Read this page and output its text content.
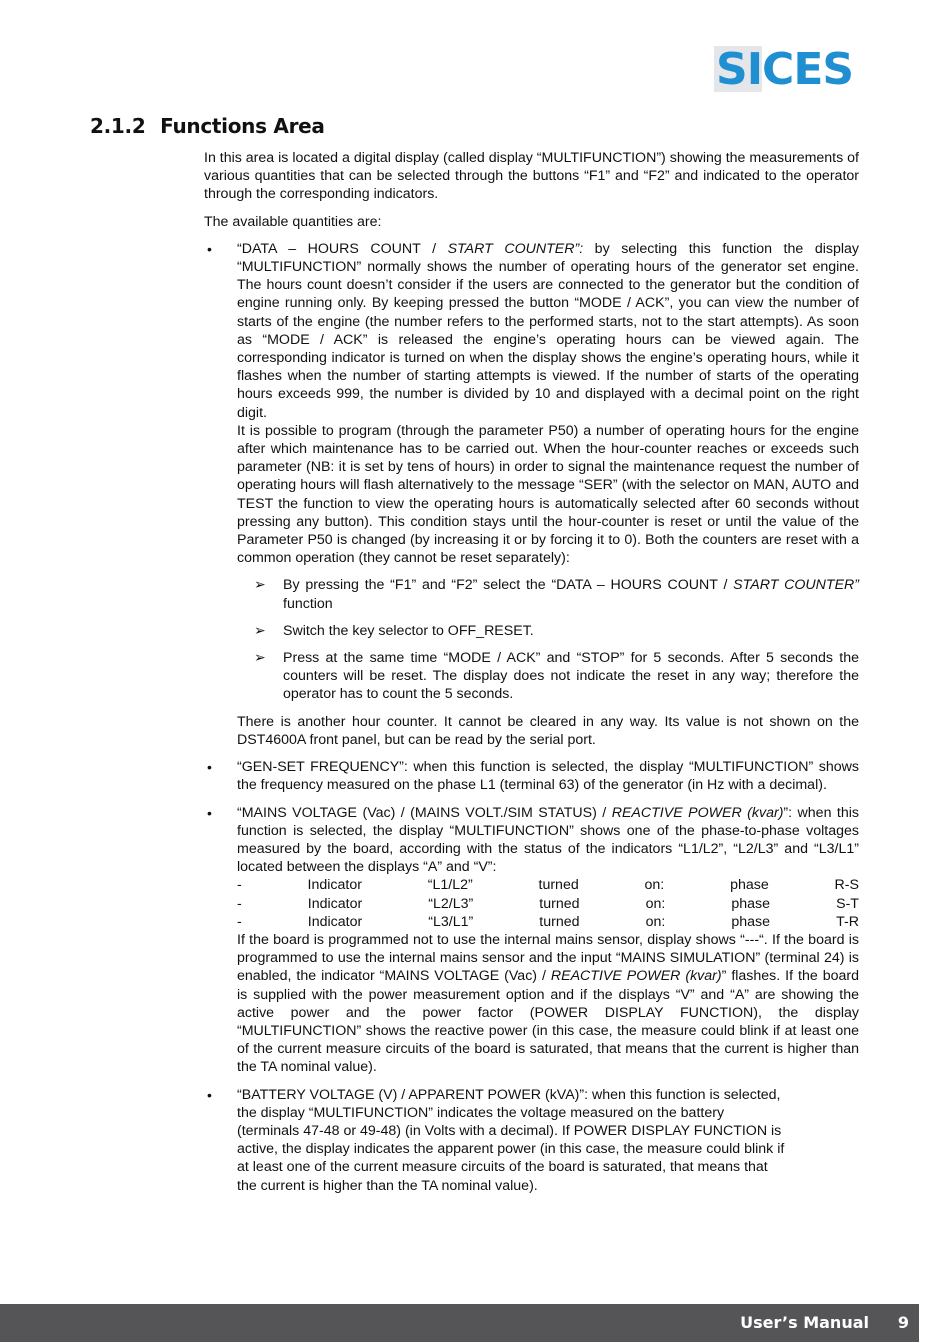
SICES
2.1.2 Functions Area

In this area is located a digital display (called display “MULTIFUNCTION”) showing the measurements of various quantities that can be selected through the buttons “F1” and “F2” and indicated to the operator through the corresponding indicators.

The available quantities are:

• “DATA – HOURS COUNT / START COUNTER”: by selecting this function the display “MULTIFUNCTION” normally shows the number of operating hours of the generator set engine. The hours count doesn’t consider if the users are connected to the generator but the condition of engine running only. By keeping pressed the button “MODE / ACK”, you can view the number of starts of the engine (the number refers to the performed starts, not to the start attempts). As soon as “MODE / ACK” is released the engine’s operating hours can be viewed again. The corresponding indicator is turned on when the display shows the engine’s operating hours, while it flashes when the number of starting attempts is viewed. If the number of starts of the operating hours exceeds 999, the number is divided by 10 and displayed with a decimal point on the right digit.

It is possible to program (through the parameter P50) a number of operating hours for the engine after which maintenance has to be carried out. When the hour-counter reaches or exceeds such parameter (NB: it is set by tens of hours) in order to signal the maintenance request the number of operating hours will flash alternatively to the message “SER” (with the selector on MAN, AUTO and TEST the function to view the operating hours is automatically selected after 60 seconds without pressing any button). This condition stays until the hour-counter is reset or until the value of the Parameter P50 is changed (by increasing it or by forcing it to 0). Both the counters are reset with a common operation (they cannot be reset separately):

➢ By pressing the “F1” and “F2” select the “DATA – HOURS COUNT / START COUNTER” function
➢ Switch the key selector to OFF_RESET.
➢ Press at the same time “MODE / ACK” and “STOP” for 5 seconds. After 5 seconds the counters will be reset. The display does not indicate the reset in any way; therefore the operator has to count the 5 seconds.

There is another hour counter. It cannot be cleared in any way. Its value is not shown on the DST4600A front panel, but can be read by the serial port.

• “GEN-SET FREQUENCY”: when this function is selected, the display “MULTIFUNCTION” shows the frequency measured on the phase L1 (terminal 63) of the generator (in Hz with a decimal).

• “MAINS VOLTAGE (Vac) / (MAINS VOLT./SIM STATUS) / REACTIVE POWER (kvar)”: when this function is selected, the display “MULTIFUNCTION” shows one of the phase-to-phase voltages measured by the board, according with the status of the indicators “L1/L2”, “L2/L3” and “L3/L1” located between the displays “A” and “V”:

-	Indicator	“L1/L2”	turned	on:	phase	R-S
-	Indicator	“L2/L3”	turned	on:	phase	S-T
-	Indicator	“L3/L1”	turned	on:	phase	T-R

If the board is programmed not to use the internal mains sensor, display shows “---“. If the board is programmed to use the internal mains sensor and the input “MAINS SIMULATION” (terminal 24) is enabled, the indicator “MAINS VOLTAGE (Vac) / REACTIVE POWER (kvar)” flashes. If the board is supplied with the power measurement option and if the displays “V” and “A” are showing the active power and the power factor (POWER DISPLAY FUNCTION), the display “MULTIFUNCTION” shows the reactive power (in this case, the measure could blink if at least one of the current measure circuits of the board is saturated, that means that the current is higher than the TA nominal value).

• “BATTERY VOLTAGE (V) / APPARENT POWER (kVA)”: when this function is selected,
the display “MULTIFUNCTION” indicates the voltage measured on the battery
(terminals 47-48 or 49-48) (in Volts with a decimal). If POWER DISPLAY FUNCTION is
active, the display indicates the apparent power (in this case, the measure could blink if
at least one of the current measure circuits of the board is saturated, that means that
the current is higher than the TA nominal value).

User’s Manual 9
